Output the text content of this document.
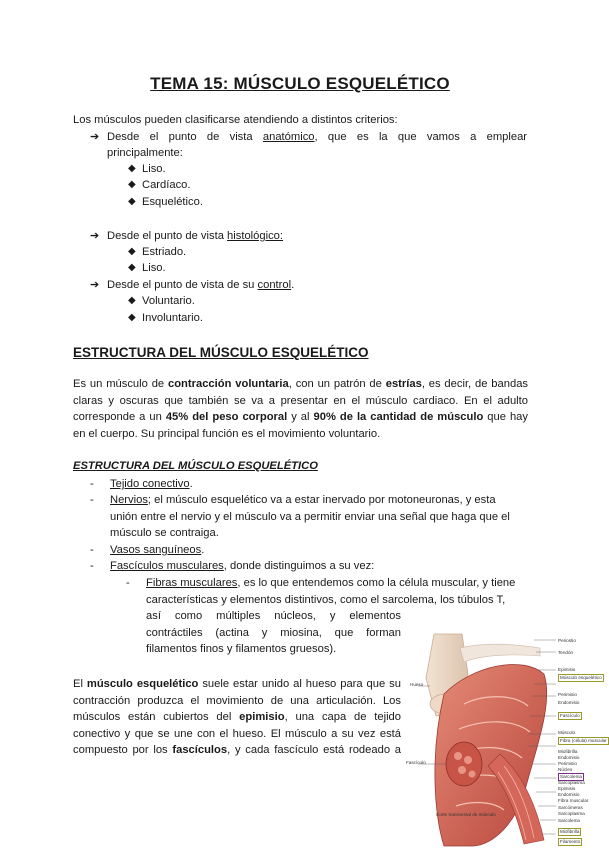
TEMA 15: MÚSCULO ESQUELÉTICO
Los músculos pueden clasificarse atendiendo a distintos criterios:
➔ Desde el punto de vista anatómico, que es la que vamos a emplear
principalmente:
◆ Liso.
◆ Cardíaco.
◆ Esquelético.
➔ Desde el punto de vista histológico:
◆ Estriado.
◆ Liso.
➔ Desde el punto de vista de su control.
◆ Voluntario.
◆ Involuntario.
ESTRUCTURA DEL MÚSCULO ESQUELÉTICO
Es un músculo de contracción voluntaria, con un patrón de estrías, es decir, de bandas
claras y oscuras que también se va a presentar en el músculo cardiaco. En el adulto
corresponde a un 45% del peso corporal y al 90% de la cantidad de músculo que hay
en el cuerpo. Su principal función es el movimiento voluntario.
ESTRUCTURA DEL MÚSCULO ESQUELÉTICO
-	Tejido conectivo.
-	Nervios; el músculo esquelético va a estar inervado por motoneuronas, y esta
unión entre el nervio y el músculo va a permitir enviar una señal que haga que el
músculo se contraiga.
-	Vasos sanguíneos.
-	Fascículos musculares, donde distinguimos a su vez:
-	Fibras musculares, es lo que entendemos como la célula muscular, y tiene
características y elementos distintivos, como el sarcolema, los túbulos T,
así como múltiples núcleos, y elementos
contráctiles (actina y miosina, que forman
filamentos finos y filamentos gruesos).
El músculo esquelético suele estar unido al hueso para que su
contracción produzca el movimiento de una articulación. Los
músculos están cubiertos del epimisio, una capa de tejido
conectivo y que se une con el hueso. El músculo a su vez está
compuesto por los fascículos, y cada fascículo está rodeado a
Hueso
Fascículo
Corte transversal de músculo
Periostio
Tendón
Epimisio
Músculo esquelético
Perimisio
Endomisio
Fascículo
Músculo
Fibra (célula) muscular
Miofibrilla
Endomisio
Perimisio
Núcleo
Sarcolema
Sarcoplasma
Epimisio
Endomisio
Fibra muscular
Sarcómeras
Sarcoplasma
Sarcolema
Miofibrilla
Filamento
